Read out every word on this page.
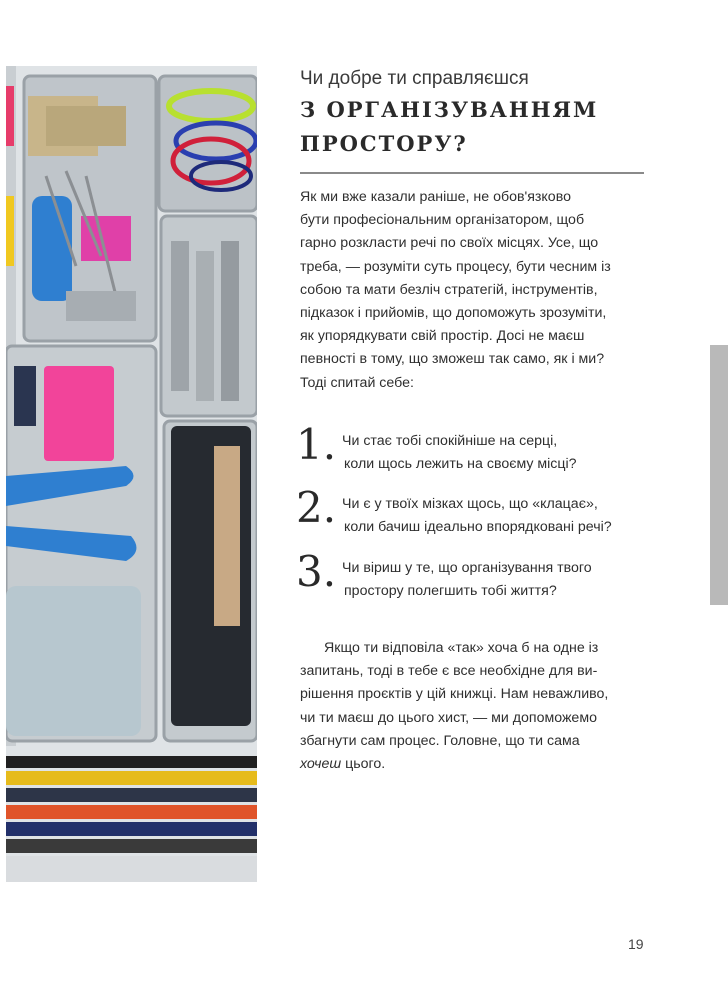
Чи добре ти справляєшся
З ОРГАНІЗУВАННЯМ
ПРОСТОРУ?
Як ми вже казали раніше, не обов'язково
бути професіональним організатором, щоб
гарно розкласти речі по своїх місцях. Усе, що
треба, — розуміти суть процесу, бути чесним із
собою та мати безліч стратегій, інструментів,
підказок і прийомів, що допоможуть зрозуміти,
як упорядкувати свій простір. Досі не маєш
певності в тому, що зможеш так само, як і ми?
Тоді спитай себе:
1. Чи стає тобі спокійніше на серці,
коли щось лежить на своєму місці?
2. Чи є у твоїх мізках щось, що «клацає»,
коли бачиш ідеально впорядковані речі?
3. Чи віриш у те, що організування твого
простору полегшить тобі життя?
Якщо ти відповіла «так» хоча б на одне із
запитань, тоді в тебе є все необхідне для ви-
рішення проєктів у цій книжці. Нам неважливо,
чи ти маєш до цього хист, — ми допоможемо
збагнути сам процес. Головне, що ти сама
хочеш цього.
19
